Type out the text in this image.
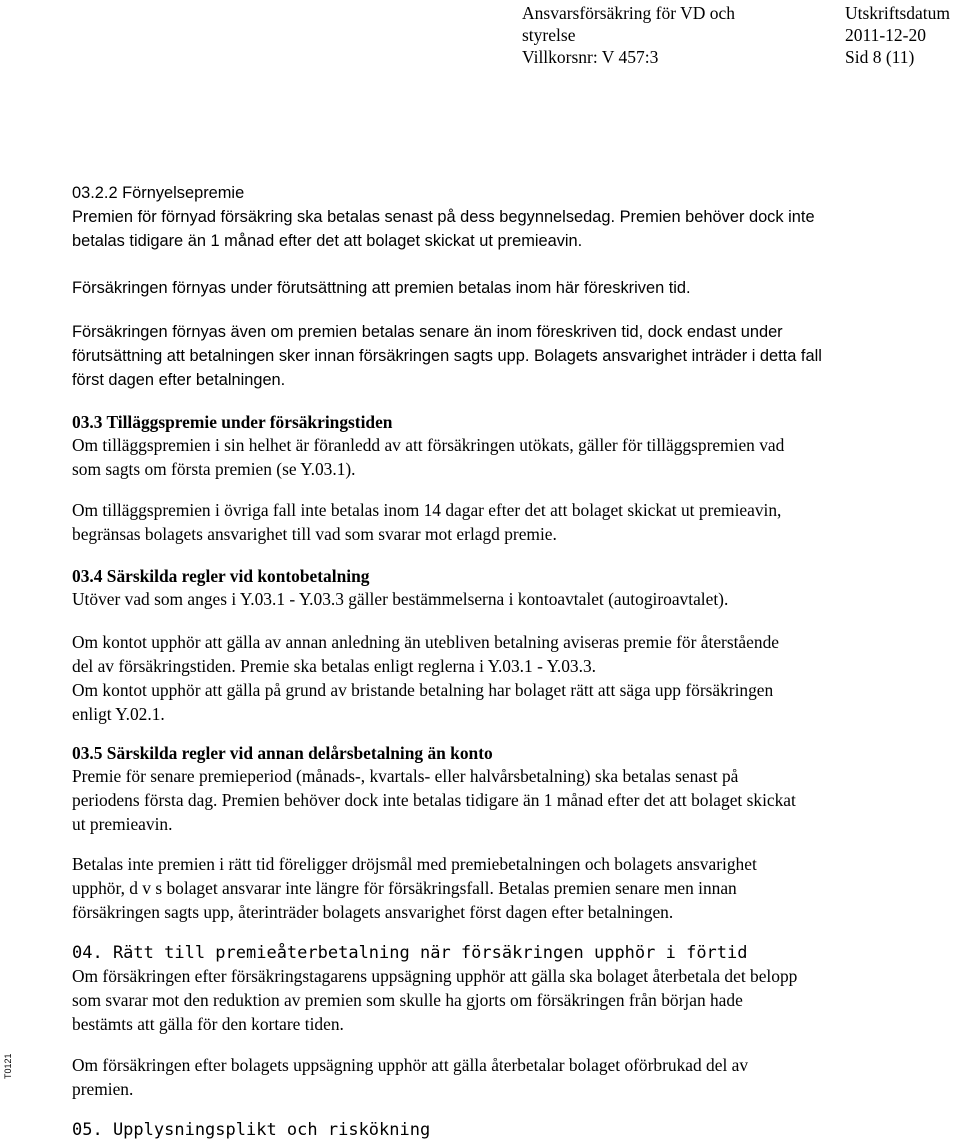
Ansvarsförsäkring för VD och
styrelse
Villkorsnr: V 457:3
Utskriftsdatum
2011-12-20
Sid 8 (11)
03.2.2 Förnyelsepremie
Premien för förnyad försäkring ska betalas senast på dess begynnelsedag. Premien behöver dock inte
betalas tidigare än 1 månad efter det att bolaget skickat ut premieavin.
Försäkringen förnyas under förutsättning att premien betalas inom här föreskriven tid.
Försäkringen förnyas även om premien betalas senare än inom föreskriven tid, dock endast under
förutsättning att betalningen sker innan försäkringen sagts upp. Bolagets ansvarighet inträder i detta fall
först dagen efter betalningen.
03.3 Tilläggspremie under försäkringstiden
Om tilläggspremien i sin helhet är föranledd av att försäkringen utökats, gäller för tilläggspremien vad
som sagts om första premien (se Y.03.1).
Om tilläggspremien i övriga fall inte betalas inom 14 dagar efter det att bolaget skickat ut premieavin,
begränsas bolagets ansvarighet till vad som svarar mot erlagd premie.
03.4 Särskilda regler vid kontobetalning
Utöver vad som anges i Y.03.1 - Y.03.3 gäller bestämmelserna i kontoavtalet (autogiroavtalet).
Om kontot upphör att gälla av annan anledning än utebliven betalning aviseras premie för återstående
del av försäkringstiden. Premie ska betalas enligt reglerna i Y.03.1 - Y.03.3.
Om kontot upphör att gälla på grund av bristande betalning har bolaget rätt att säga upp försäkringen
enligt Y.02.1.
03.5 Särskilda regler vid annan delårsbetalning än konto
Premie för senare premieperiod (månads-, kvartals- eller halvårsbetalning) ska betalas senast på
periodens första dag. Premien behöver dock inte betalas tidigare än 1 månad efter det att bolaget skickat
ut premieavin.
Betalas inte premien i rätt tid föreligger dröjsmål med premiebetalningen och bolagets ansvarighet
upphör, d v s bolaget ansvarar inte längre för försäkringsfall. Betalas premien senare men innan
försäkringen sagts upp, återinträder bolagets ansvarighet först dagen efter betalningen.
04. Rätt till premieåterbetalning när försäkringen upphör i förtid
Om försäkringen efter försäkringstagarens uppsägning upphör att gälla ska bolaget återbetala det belopp
som svarar mot den reduktion av premien som skulle ha gjorts om försäkringen från början hade
bestämts att gälla för den kortare tiden.
Om försäkringen efter bolagets uppsägning upphör att gälla återbetalar bolaget oförbrukad del av
premien.
05. Upplysningsplikt och riskökning
T0121
